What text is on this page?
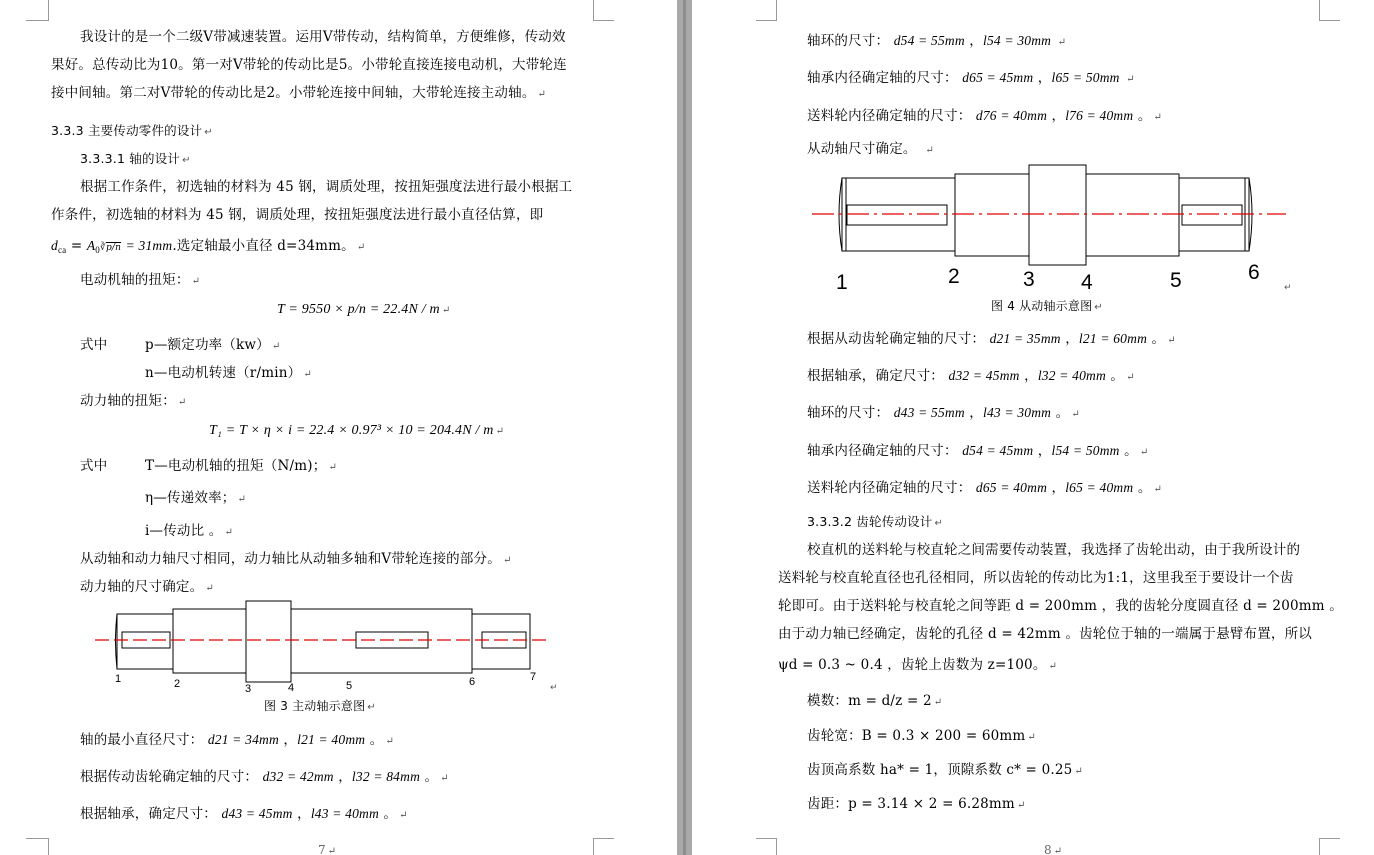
我设计的是一个二级V带减速装置。运用V带传动，结构简单，方便维修，传动效
果好。总传动比为10。第一对V带轮的传动比是5。小带轮直接连接电动机，大带轮连
接中间轴。第二对V带轮的传动比是2。小带轮连接中间轴，大带轮连接主动轴。 ↵
3.3.3 主要传动零件的设计 ↵
3.3.3.1 轴的设计 ↵
根据工作条件，初选轴的材料为 45 钢，调质处理，按扭矩强度法进行最小根据工
作条件，初选轴的材料为 45 钢，调质处理，按扭矩强度法进行最小直径估算，即
$d_{ca}$ = $A_0∛p/n = 31mm$.选定轴最小直径 d=34mm。 ↵
电动机轴的扭矩： ↵
T = 9550 × p/n = 22.4N / m ↵
式中	p—额定功率（kw） ↵
n—电动机转速（r/min） ↵
动力轴的扭矩： ↵
T₁ = T × η × i = 22.4 × 0.97³ × 10 = 204.4N / m ↵
式中	T—电动机轴的扭矩（N/m)； ↵
η—传递效率； ↵
i—传动比 。 ↵
从动轴和动力轴尺寸相同，动力轴比从动轴多轴和V带轮连接的部分。 ↵
动力轴的尺寸确定。 ↵
1	2	3	4	5	6	7
↵
图 3 主动轴示意图 ↵
轴的最小直径尺寸： d21 = 34mm ，l21 = 40mm 。 ↵
根据传动齿轮确定轴的尺寸： d32 = 42mm ，l32 = 84mm 。 ↵
根据轴承，确定尺寸： d43 = 45mm ，l43 = 40mm 。 ↵
7 ↵
轴环的尺寸： d54 = 55mm ，l54 = 30mm ↵
轴承内径确定轴的尺寸： d65 = 45mm ，l65 = 50mm ↵
送料轮内径确定轴的尺寸： d76 = 40mm ，l76 = 40mm 。 ↵
从动轴尺寸确定。  ↵
1	2	3 4	5	6
↵
图 4 从动轴示意图 ↵
根据从动齿轮确定轴的尺寸： d21 = 35mm ，l21 = 60mm 。 ↵
根据轴承，确定尺寸： d32 = 45mm ，l32 = 40mm 。 ↵
轴环的尺寸： d43 = 55mm ，l43 = 30mm 。 ↵
轴承内径确定轴的尺寸： d54 = 45mm ，l54 = 50mm 。 ↵
送料轮内径确定轴的尺寸： d65 = 40mm ，l65 = 40mm 。 ↵
3.3.3.2 齿轮传动设计 ↵
校直机的送料轮与校直轮之间需要传动装置，我选择了齿轮出动，由于我所设计的
送料轮与校直轮直径也孔径相同，所以齿轮的传动比为1:1，这里我至于要设计一个齿
轮即可。由于送料轮与校直轮之间等距 d = 200mm ，我的齿轮分度圆直径 d = 200mm 。
由于动力轴已经确定，齿轮的孔径 d = 42mm 。齿轮位于轴的一端属于悬臂布置，所以
ψd = 0.3 ~ 0.4 ，齿轮上齿数为 z=100。 ↵
模数：m = d/z = 2 ↵
齿轮宽：B = 0.3 × 200 = 60mm ↵
齿顶高系数 ha* = 1，顶隙系数 c* = 0.25 ↵
齿距：p = 3.14 × 2 = 6.28mm ↵
8 ↵
